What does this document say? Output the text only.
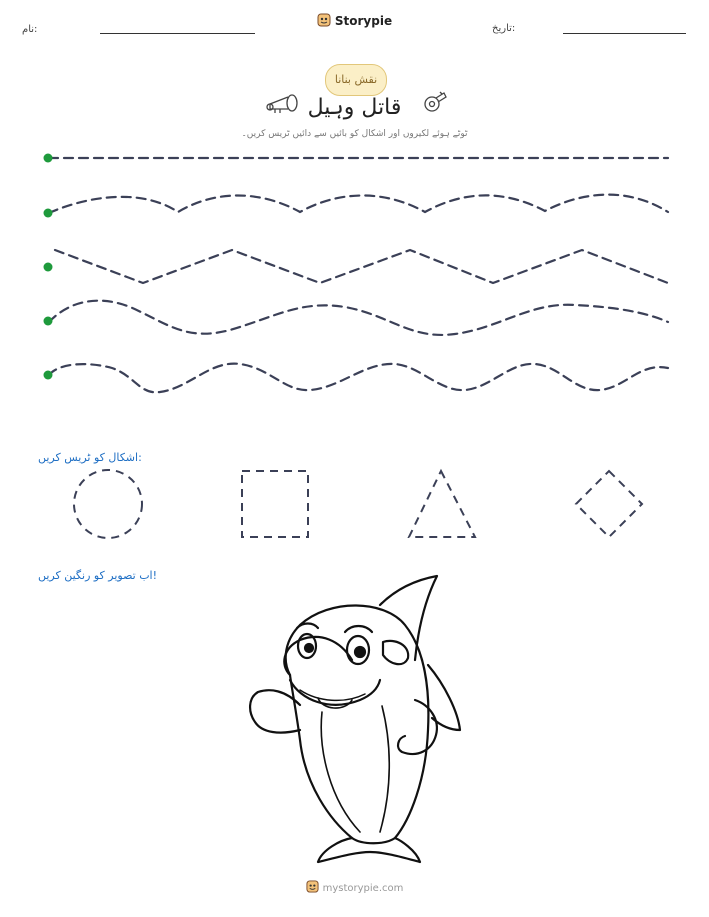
نام:	تاریخ:
Storypie
نقش بنانا
قاتل وہیل
ٹوٹے ہوئے لکیروں اور اشکال کو بائیں سے دائیں ٹریس کریں۔
اشکال کو ٹریس کریں:
اب تصویر کو رنگین کریں!
mystorypie.com
